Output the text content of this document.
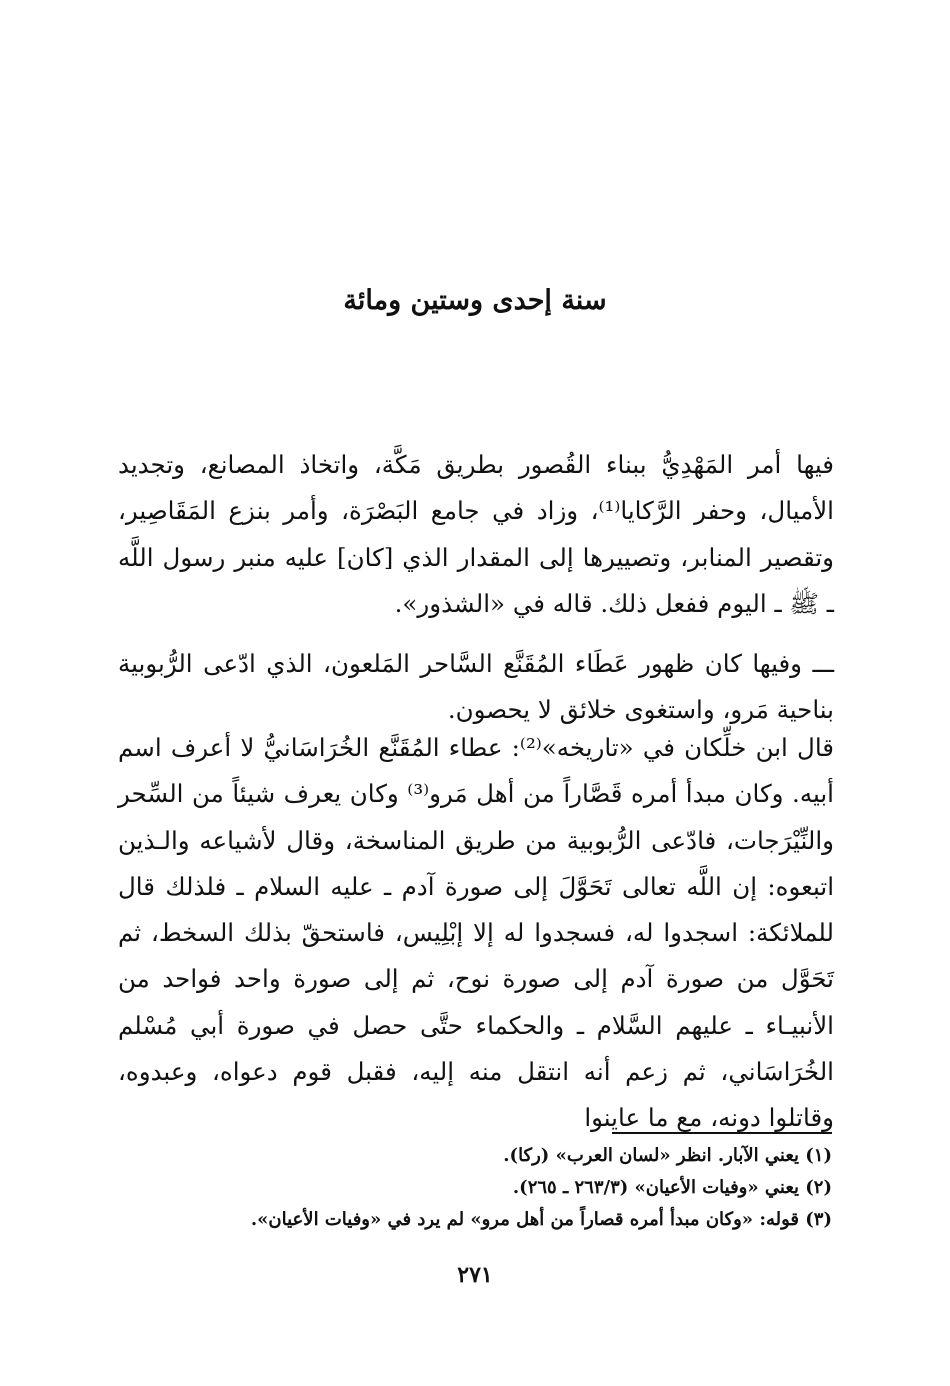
سنة إحدى وستين ومائة

فيها أمر المَهْدِيُّ ببناء القُصور بطريق مَكَّة، واتخاذ المصانع، وتجديد الأميال، وحفر الرَّكايا⁽¹⁾، وزاد في جامع البَصْرَة، وأمر بنزع المَقَاصِير، وتقصير المنابر، وتصييرها إلى المقدار الذي [كان] عليه منبر رسول اللَّه ـ ﷺ ـ اليوم ففعل ذلك. قاله في «الشذور».

ـــ وفيها كان ظهور عَطَاء المُقَنَّع السَّاحر المَلعون، الذي ادّعى الرُّبوبية بناحية مَرو، واستغوى خلائق لا يحصون.

قال ابن خلِّكان في «تاريخه»⁽²⁾: عطاء المُقَنَّع الخُرَاسَانيُّ لا أعرف اسم أبيه. وكان مبدأ أمره قَصَّاراً من أهل مَرو⁽³⁾ وكان يعرف شيئاً من السِّحر والنِّيْرَجات، فادّعى الرُّبوبية من طريق المناسخة، وقال لأشياعه والـذين اتبعوه: إن اللَّه تعالى تَحَوَّلَ إلى صورة آدم ـ عليه السلام ـ فلذلك قال للملائكة: اسجدوا له، فسجدوا له إلا إبْلِيس، فاستحقّ بذلك السخط، ثم تَحَوَّل من صورة آدم إلى صورة نوح، ثم إلى صورة واحد فواحد من الأنبيـاء ـ عليهم السَّلام ـ والحكماء حتَّى حصل في صورة أبي مُسْلم الخُرَاسَاني، ثم زعم أنه انتقل منه إليه، فقبل قوم دعواه، وعبدوه، وقاتلوا دونه، مع ما عاينوا

(١) يعني الآبار. انظر «لسان العرب» (ركا).
(٢) يعني «وفيات الأعيان» (٢٦٣/٣ ـ ٢٦٥).
(٣) قوله: «وكان مبدأ أمره قصاراً من أهل مرو» لم يرد في «وفيات الأعيان».
٢٧١
